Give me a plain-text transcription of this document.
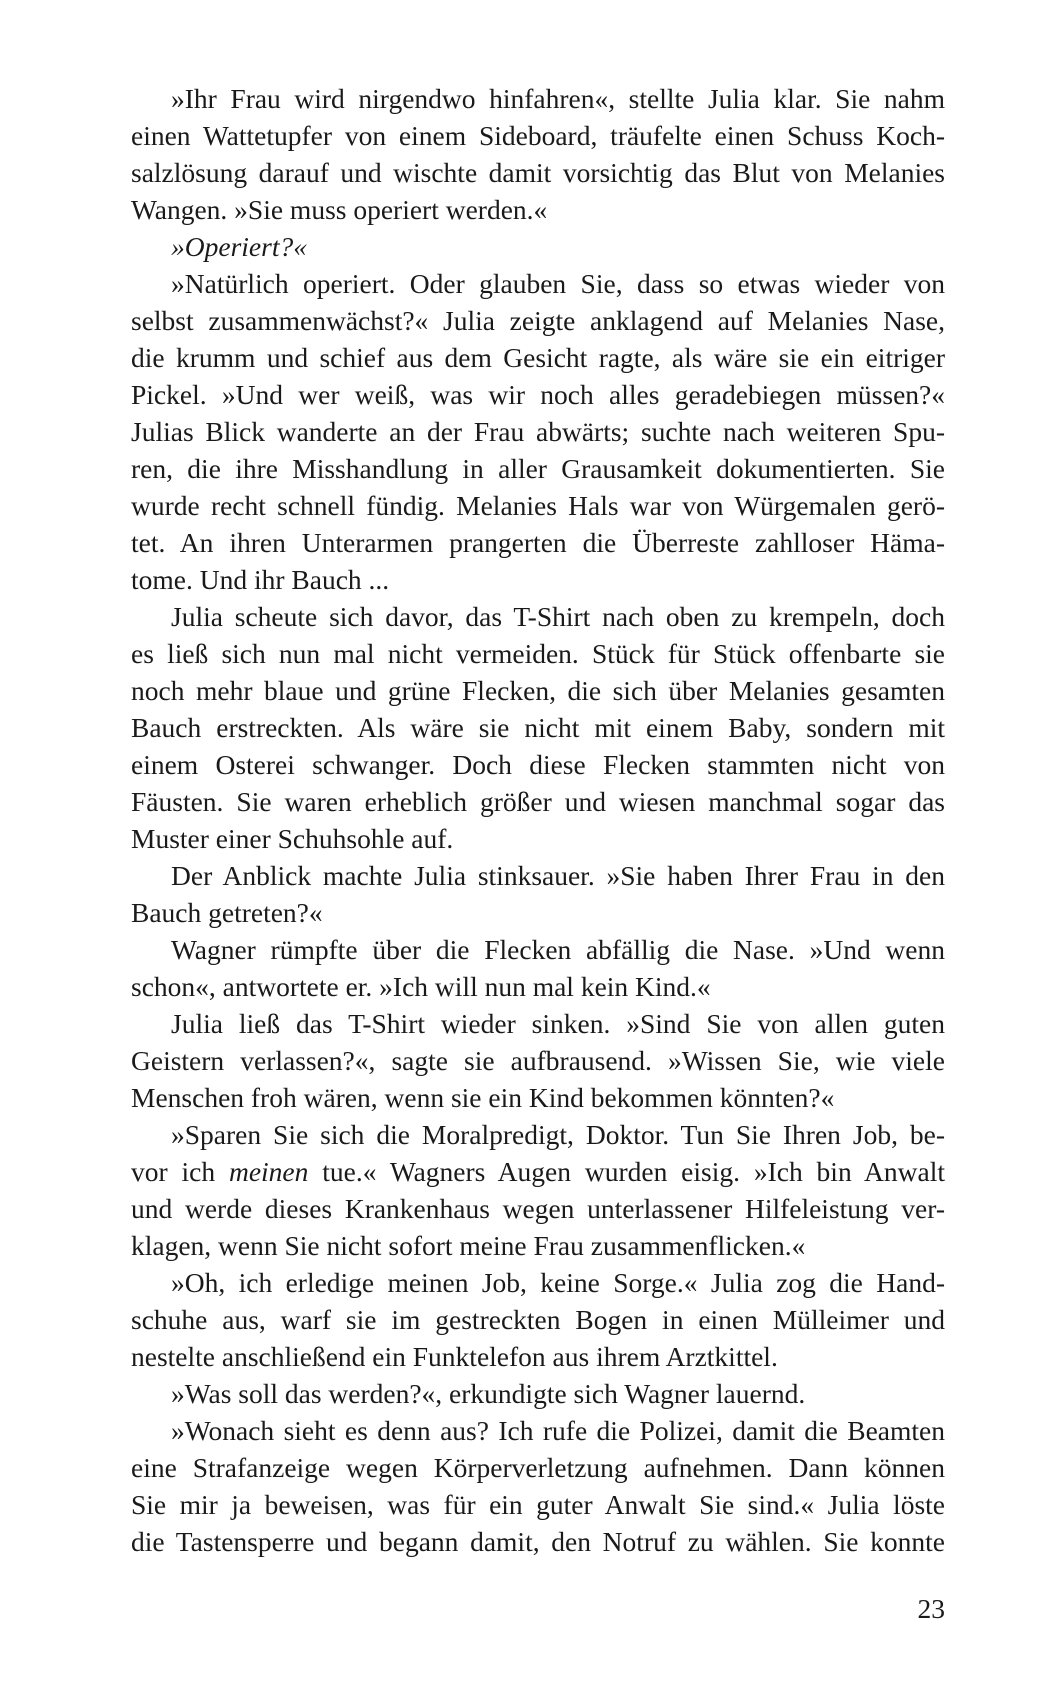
»Ihr Frau wird nirgendwo hinfahren«, stellte Julia klar. Sie nahm
einen Wattetupfer von einem Sideboard, träufelte einen Schuss Koch-
salzlösung darauf und wischte damit vorsichtig das Blut von Melanies
Wangen. »Sie muss operiert werden.«
»Operiert?«
»Natürlich operiert. Oder glauben Sie, dass so etwas wieder von
selbst zusammenwächst?« Julia zeigte anklagend auf Melanies Nase,
die krumm und schief aus dem Gesicht ragte, als wäre sie ein eitriger
Pickel. »Und wer weiß, was wir noch alles geradebiegen müssen?«
Julias Blick wanderte an der Frau abwärts; suchte nach weiteren Spu-
ren, die ihre Misshandlung in aller Grausamkeit dokumentierten. Sie
wurde recht schnell fündig. Melanies Hals war von Würgemalen gerö-
tet. An ihren Unterarmen prangerten die Überreste zahlloser Häma-
tome. Und ihr Bauch ...
Julia scheute sich davor, das T-Shirt nach oben zu krempeln, doch
es ließ sich nun mal nicht vermeiden. Stück für Stück offenbarte sie
noch mehr blaue und grüne Flecken, die sich über Melanies gesamten
Bauch erstreckten. Als wäre sie nicht mit einem Baby, sondern mit
einem Osterei schwanger. Doch diese Flecken stammten nicht von
Fäusten. Sie waren erheblich größer und wiesen manchmal sogar das
Muster einer Schuhsohle auf.
Der Anblick machte Julia stinksauer. »Sie haben Ihrer Frau in den
Bauch getreten?«
Wagner rümpfte über die Flecken abfällig die Nase. »Und wenn
schon«, antwortete er. »Ich will nun mal kein Kind.«
Julia ließ das T-Shirt wieder sinken. »Sind Sie von allen guten
Geistern verlassen?«, sagte sie aufbrausend. »Wissen Sie, wie viele
Menschen froh wären, wenn sie ein Kind bekommen könnten?«
»Sparen Sie sich die Moralpredigt, Doktor. Tun Sie Ihren Job, be-
vor ich meinen tue.« Wagners Augen wurden eisig. »Ich bin Anwalt
und werde dieses Krankenhaus wegen unterlassener Hilfeleistung ver-
klagen, wenn Sie nicht sofort meine Frau zusammenflicken.«
»Oh, ich erledige meinen Job, keine Sorge.« Julia zog die Hand-
schuhe aus, warf sie im gestreckten Bogen in einen Mülleimer und
nestelte anschließend ein Funktelefon aus ihrem Arztkittel.
»Was soll das werden?«, erkundigte sich Wagner lauernd.
»Wonach sieht es denn aus? Ich rufe die Polizei, damit die Beamten
eine Strafanzeige wegen Körperverletzung aufnehmen. Dann können
Sie mir ja beweisen, was für ein guter Anwalt Sie sind.« Julia löste
die Tastensperre und begann damit, den Notruf zu wählen. Sie konnte
23
